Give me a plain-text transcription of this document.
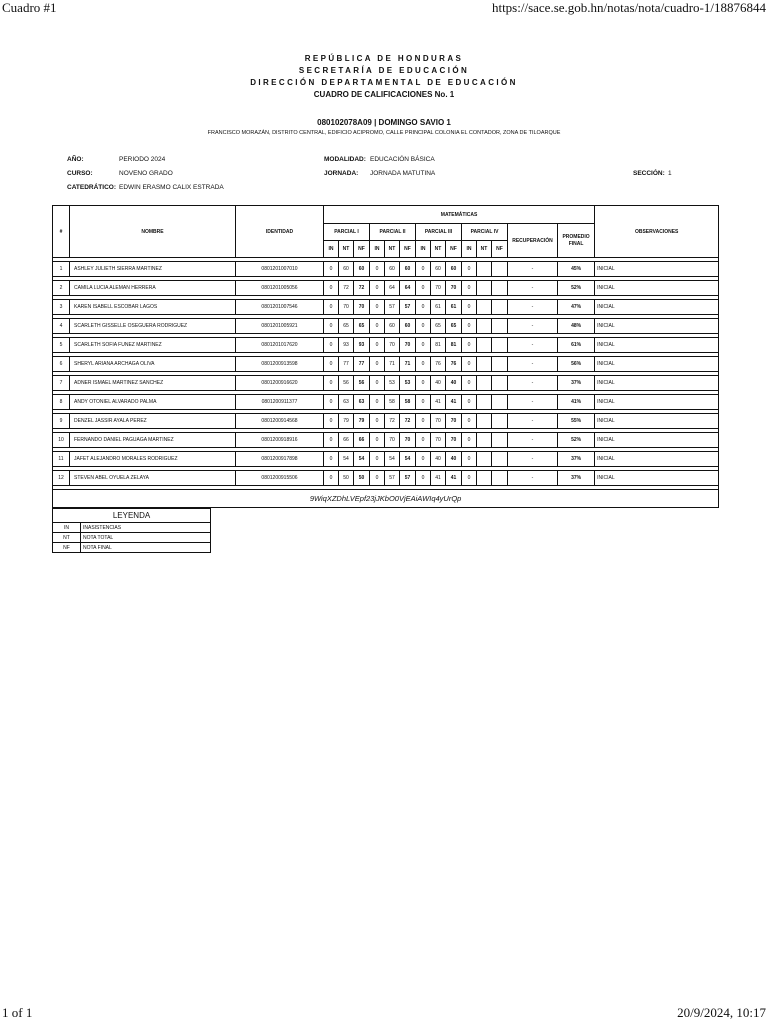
Cuadro #1	https://sace.se.gob.hn/notas/nota/cuadro-1/18876844
REPÚBLICA DE HONDURAS
SECRETARÍA DE EDUCACIÓN
DIRECCIÓN DEPARTAMENTAL DE EDUCACIÓN
CUADRO DE CALIFICACIONES No. 1
080102078A09 | DOMINGO SAVIO 1
FRANCISCO MORAZÁN, DISTRITO CENTRAL, EDIFICIO ACIPROMO, CALLE PRINCIPAL COLONIA EL CONTADOR, ZONA DE TILOARQUE
AÑO:	PERIODO 2024
CURSO:	NOVENO GRADO
CATEDRÁTICO: EDWIN ERASMO CALIX ESTRADA
MODALIDAD: EDUCACIÓN BÁSICA
JORNADA: JORNADA MATUTINA	SECCIÓN: 1
#	NOMBRE	IDENTIDAD	MATEMÁTICAS														OBSERVACIONES
			PARCIAL I			PARCIAL II			PARCIAL III			PARCIAL IV			RECUPERACIÓN	PROMEDIO FINAL	
			IN	NT	NF	IN	NT	NF	IN	NT	NF	IN	NT	NF			

1	ASHLEY JULIETH SIERRA MARTINEZ	0801201007010	0	60	60	0	60	60	0	60	60	0			-	45%	INICIAL

2	CAMILA LUCIA ALEMAN HERRERA	0801201005056	0	72	72	0	64	64	0	70	70	0			-	52%	INICIAL

3	KAREN ISABELL ESCOBAR LAGOS	0801201007546	0	70	70	0	57	57	0	61	61	0			-	47%	INICIAL

4	SCARLETH GISSELLE OSEGUERA RODRIGUEZ	0801201005921	0	65	65	0	60	60	0	65	65	0			-	48%	INICIAL

5	SCARLETH SOFIA FUNEZ MARTINEZ	0801201017620	0	93	93	0	70	70	0	81	81	0			-	61%	INICIAL

6	SHERYL ARIANA ARCHAGA OLIVA	0801200913598	0	77	77	0	71	71	0	76	76	0			-	56%	INICIAL

7	ADNER ISMAEL MARTINEZ SANCHEZ	0801200916620	0	56	56	0	53	53	0	40	40	0			-	37%	INICIAL

8	ANDY OTONIEL ALVARADO PALMA	0801200911377	0	63	63	0	58	58	0	41	41	0			-	41%	INICIAL

9	DENZEL JASSIR AYALA PEREZ	0801200914568	0	79	79	0	72	72	0	70	70	0			-	55%	INICIAL

10	FERNANDO DANIEL PAGUAGA MARTINEZ	0801200918916	0	66	66	0	70	70	0	70	70	0			-	52%	INICIAL

11	JAFET ALEJANDRO MORALES RODRIGUEZ	0801200917898	0	54	54	0	54	54	0	40	40	0			-	37%	INICIAL

12	STEVEN ABEL OYUELA ZELAYA	0801200915506	0	50	50	0	57	57	0	41	41	0			-	37%	INICIAL

9WiqXZDhLVEpf23jJKbO0VjEAiAWIq4yUrQp																	
LEYENDA	
IN	INASISTENCIAS
NT	NOTA TOTAL
NF	NOTA FINAL
1 of 1	20/9/2024, 10:17
